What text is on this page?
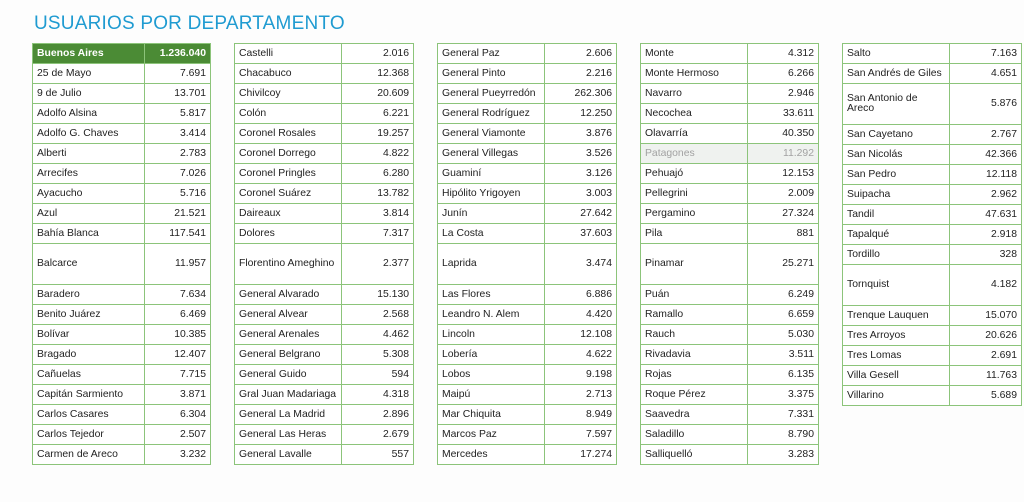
USUARIOS POR DEPARTAMENTO
Buenos Aires	1.236.040
25 de Mayo	7.691
9 de Julio	13.701
Adolfo Alsina	5.817
Adolfo G. Chaves	3.414
Alberti	2.783
Arrecifes	7.026
Ayacucho	5.716
Azul	21.521
Bahía Blanca	117.541
Balcarce	11.957
Baradero	7.634
Benito Juárez	6.469
Bolívar	10.385
Bragado	12.407
Cañuelas	7.715
Capitán Sarmiento	3.871
Carlos Casares	6.304
Carlos Tejedor	2.507
Carmen de Areco	3.232
Castelli	2.016
Chacabuco	12.368
Chivilcoy	20.609
Colón	6.221
Coronel Rosales	19.257
Coronel Dorrego	4.822
Coronel Pringles	6.280
Coronel Suárez	13.782
Daireaux	3.814
Dolores	7.317
Florentino Ameghino	2.377
General Alvarado	15.130
General Alvear	2.568
General Arenales	4.462
General Belgrano	5.308
General Guido	594
Gral Juan Madariaga	4.318
General La Madrid	2.896
General Las Heras	2.679
General Lavalle	557
General Paz	2.606
General Pinto	2.216
General Pueyrredón	262.306
General Rodríguez	12.250
General Viamonte	3.876
General Villegas	3.526
Guaminí	3.126
Hipólito Yrigoyen	3.003
Junín	27.642
La Costa	37.603
Laprida	3.474
Las Flores	6.886
Leandro N. Alem	4.420
Lincoln	12.108
Lobería	4.622
Lobos	9.198
Maipú	2.713
Mar Chiquita	8.949
Marcos Paz	7.597
Mercedes	17.274
Monte	4.312
Monte Hermoso	6.266
Navarro	2.946
Necochea	33.611
Olavarría	40.350
Patagones	11.292
Pehuajó	12.153
Pellegrini	2.009
Pergamino	27.324
Pila	881
Pinamar	25.271
Puán	6.249
Ramallo	6.659
Rauch	5.030
Rivadavia	3.511
Rojas	6.135
Roque Pérez	3.375
Saavedra	7.331
Saladillo	8.790
Salliquelló	3.283
Salto	7.163
San Andrés de Giles	4.651
San Antonio de Areco	5.876
San Cayetano	2.767
San Nicolás	42.366
San Pedro	12.118
Suipacha	2.962
Tandil	47.631
Tapalqué	2.918
Tordillo	328
Tornquist	4.182
Trenque Lauquen	15.070
Tres Arroyos	20.626
Tres Lomas	2.691
Villa Gesell	11.763
Villarino	5.689
